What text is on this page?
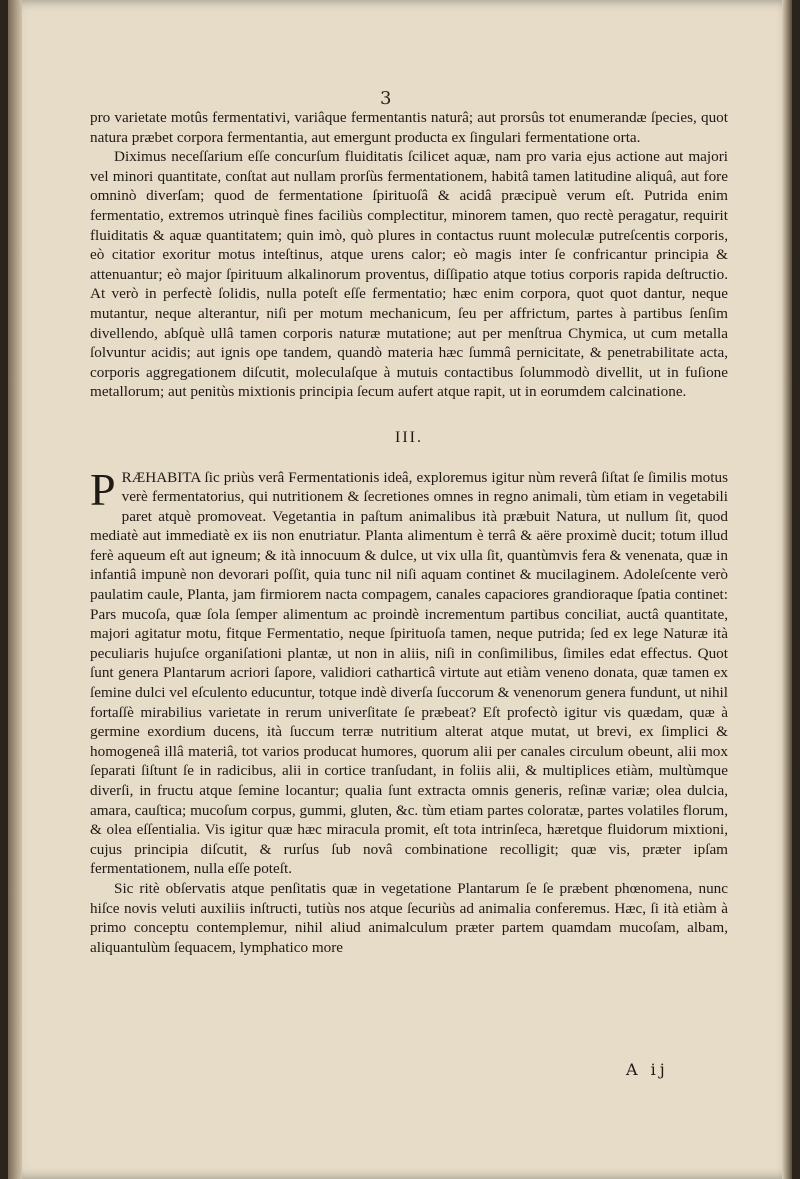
3

pro varietate motûs fermentativi, variâque fermentantis naturâ; aut prorsûs tot enumerandæ ſpecies, quot natura præbet corpora fermentantia, aut emergunt producta ex ſingulari fermentatione orta.

Diximus neceſſarium eſſe concurſum fluiditatis ſcilicet aquæ, nam pro varia ejus actione aut majori vel minori quantitate, conſtat aut nullam prorſùs fermentationem, habitâ tamen latitudine aliquâ, aut fore omninò diverſam; quod de fermentatione ſpirituoſâ & acidâ præcipuè verum eſt. Putrida enim fermentatio, extremos utrinquè fines faciliùs complectitur, minorem tamen, quo rectè peragatur, requirit fluiditatis & aquæ quantitatem; quin imò, quò plures in contactus ruunt moleculæ putreſcentis corporis, eò citatior exoritur motus inteſtinus, atque urens calor; eò magis inter ſe confricantur principia & attenuantur; eò major ſpirituum alkalinorum proventus, diſſipatio atque totius corporis rapida deſtructio. At verò in perfectè ſolidis, nulla poteſt eſſe fermentatio; hæc enim corpora, quot quot dantur, neque mutantur, neque alterantur, niſi per motum mechanicum, ſeu per affrictum, partes à partibus ſenſim divellendo, abſquè ullâ tamen corporis naturæ mutatione; aut per menſtrua Chymica, ut cum metalla ſolvuntur acidis; aut ignis ope tandem, quandò materia hæc ſummâ pernicitate, & penetrabilitate acta, corporis aggregationem diſcutit, moleculaſque à mutuis contactibus ſolummodò divellit, ut in fuſione metallorum; aut penitùs mixtionis principia ſecum aufert atque rapit, ut in eorumdem calcinatione.

III.

PRÆHABITA ſic priùs verâ Fermentationis ideâ, exploremus igitur nùm reverâ ſiſtat ſe ſimilis motus verè fermentatorius, qui nutritionem & ſecretiones omnes in regno animali, tùm etiam in vegetabili paret atquè promoveat. Vegetantia in paſtum animalibus ità præbuit Natura, ut nullum ſit, quod mediatè aut immediatè ex iis non enutriatur. Planta alimentum è terrâ & aëre proximè ducit; totum illud ferè aqueum eſt aut igneum; & ità innocuum & dulce, ut vix ulla ſit, quantùmvis fera & venenata, quæ in infantiâ impunè non devorari poſſit, quia tunc nil niſi aquam continet & mucilaginem. Adoleſcente verò paulatim caule, Planta, jam firmiorem nacta compagem, canales capaciores grandioraque ſpatia continet: Pars mucoſa, quæ ſola ſemper alimentum ac proindè incrementum partibus conciliat, auctâ quantitate, majori agitatur motu, fitque Fermentatio, neque ſpirituoſa tamen, neque putrida; ſed ex lege Naturæ ità peculiaris hujuſce organiſationi plantæ, ut non in aliis, niſi in conſimilibus, ſimiles edat effectus. Quot ſunt genera Plantarum acriori ſapore, validiori catharticâ virtute aut etiàm veneno donata, quæ tamen ex ſemine dulci vel eſculento educuntur, totque indè diverſa ſuccorum & venenorum genera fundunt, ut nihil fortaſſè mirabilius varietate in rerum univerſitate ſe præbeat? Eſt profectò igitur vis quædam, quæ à germine exordium ducens, ità ſuccum terræ nutritium alterat atque mutat, ut brevi, ex ſimplici & homogeneâ illâ materiâ, tot varios producat humores, quorum alii per canales circulum obeunt, alii mox ſeparati ſiſtunt ſe in radicibus, alii in cortice tranſudant, in foliis alii, & multiplices etiàm, multùmque diverſi, in fructu atque ſemine locantur; qualia ſunt extracta omnis generis, reſinæ variæ; olea dulcia, amara, cauſtica; mucoſum corpus, gummi, gluten, &c. tùm etiam partes coloratæ, partes volatiles florum, & olea eſſentialia. Vis igitur quæ hæc miracula promit, eſt tota intrinſeca, hæretque fluidorum mixtioni, cujus principia diſcutit, & rurſus ſub novâ combinatione recolligit; quæ vis, præter ipſam fermentationem, nulla eſſe poteſt.

Sic ritè obſervatis atque penſitatis quæ in vegetatione Plantarum ſe ſe præbent phœnomena, nunc hiſce novis veluti auxiliis inſtructi, tutiùs nos atque ſecuriùs ad animalia conferemus. Hæc, ſi ità etiàm à primo conceptu contemplemur, nihil aliud animalculum præter partem quamdam mucoſam, albam, aliquantulùm ſequacem, lymphatico more

A ij
